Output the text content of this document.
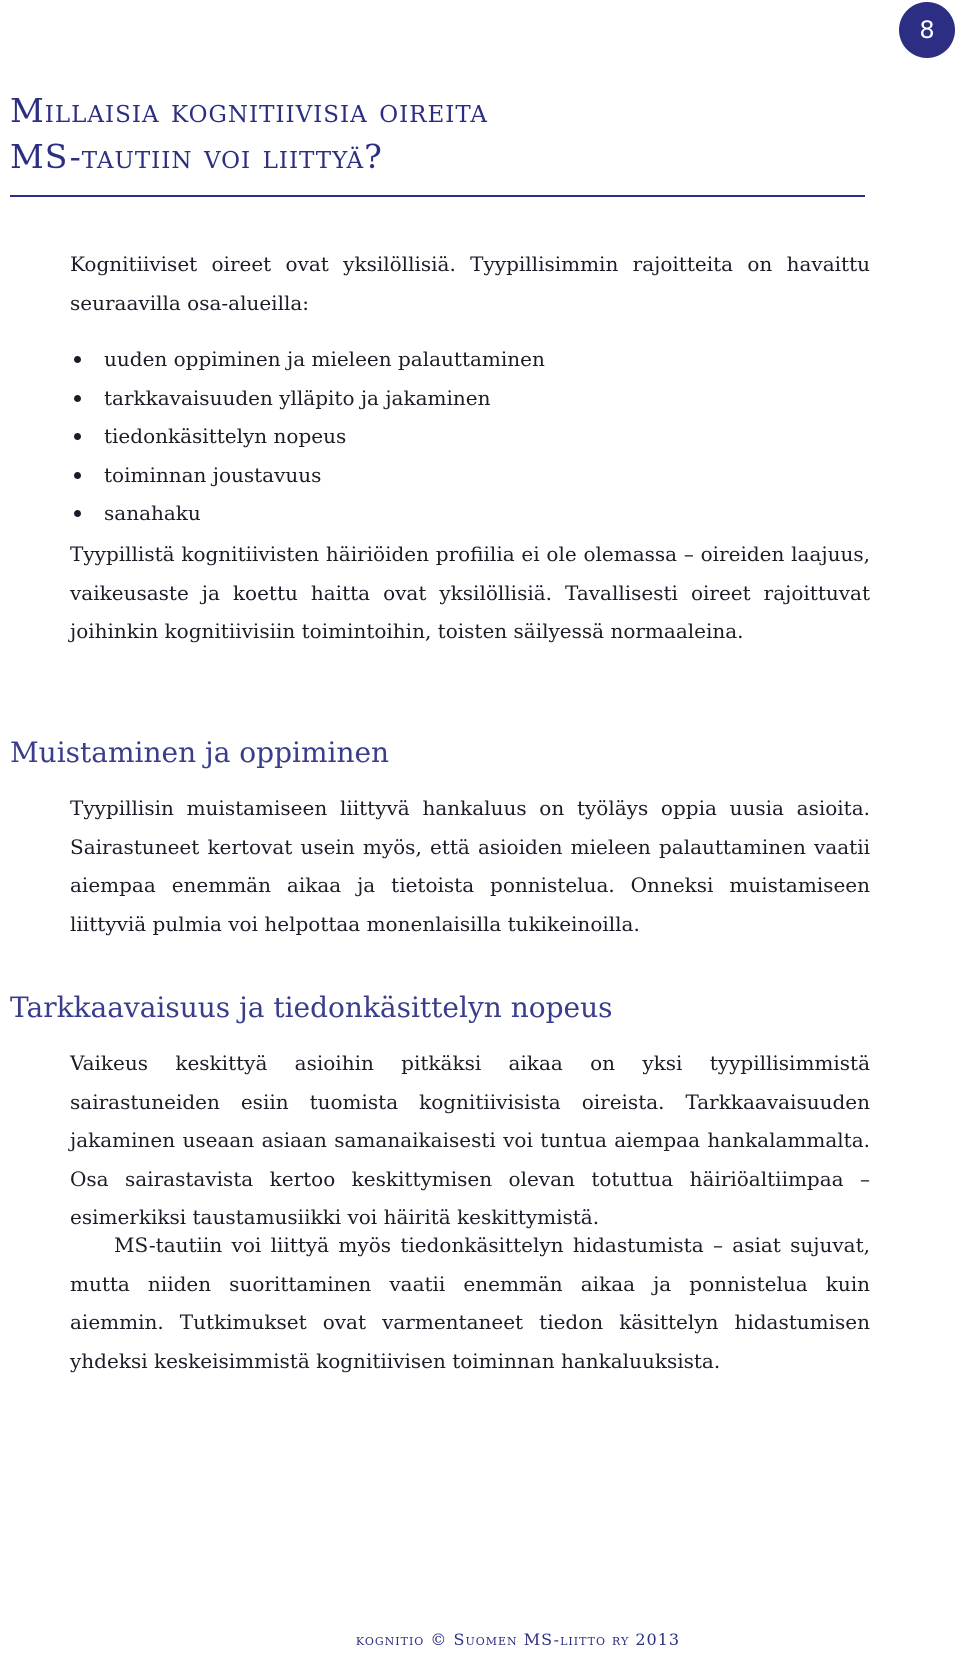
8
Millaisia kognitiivisia oireita
MS-tautiin voi liittyä?

Kognitiiviset oireet ovat yksilöllisiä. Tyypillisimmin rajoitteita on havaittu seuraavilla osa-alueilla:

uuden oppiminen ja mieleen palauttaminen
tarkkavaisuuden ylläpito ja jakaminen
tiedonkäsittelyn nopeus
toiminnan joustavuus
sanahaku

Tyypillistä kognitiivisten häiriöiden profiilia ei ole olemassa – oireiden laajuus, vaikeusaste ja koettu haitta ovat yksilöllisiä. Tavallisesti oireet rajoittuvat joihinkin kognitiivisiin toimintoihin, toisten säilyessä normaaleina.

Muistaminen ja oppiminen

Tyypillisin muistamiseen liittyvä hankaluus on työläys oppia uusia asioita. Sairastuneet kertovat usein myös, että asioiden mieleen palauttaminen vaatii aiempaa enemmän aikaa ja tietoista ponnistelua. Onneksi muistamiseen liittyviä pulmia voi helpottaa monenlaisilla tukikeinoilla.

Tarkkaavaisuus ja tiedonkäsittelyn nopeus

Vaikeus keskittyä asioihin pitkäksi aikaa on yksi tyypillisimmistä sairastuneiden esiin tuomista kognitiivisista oireista. Tarkkaavaisuuden jakaminen useaan asiaan samanaikaisesti voi tuntua aiempaa hankalammalta. Osa sairastavista kertoo keskittymisen olevan totuttua häiriöaltiimpaa – esimerkiksi taustamusiikki voi häiritä keskittymistä.

MS-tautiin voi liittyä myös tiedonkäsittelyn hidastumista – asiat sujuvat, mutta niiden suorittaminen vaatii enemmän aikaa ja ponnistelua kuin aiemmin. Tutkimukset ovat varmentaneet tiedon käsittelyn hidastumisen yhdeksi keskeisimmistä kognitiivisen toiminnan hankaluuksista.

kognitio © Suomen MS-liitto ry 2013
